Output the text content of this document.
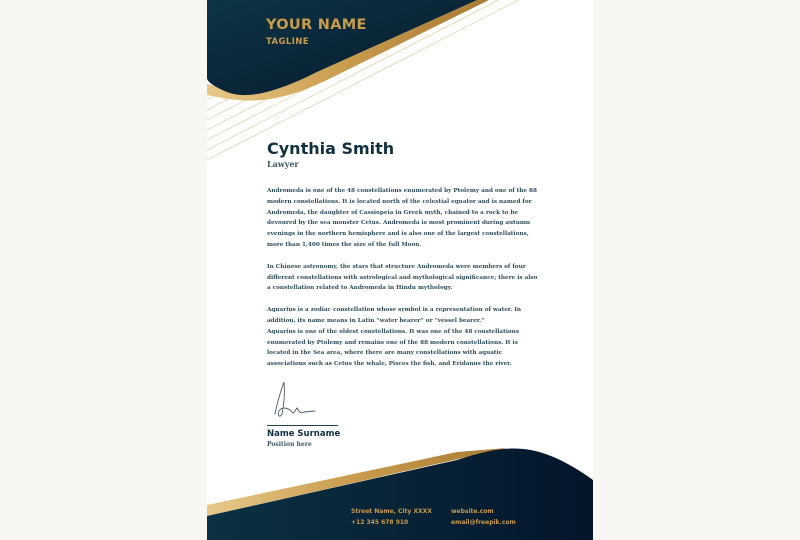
YOUR NAME
TAGLINE
Cynthia Smith
Lawyer

Andromeda is one of the 48 constellations enumerated by Ptolemy and one of the 88 modern constellations. It is located north of the celestial equator and is named for Andromeda, the daughter of Cassiopeia in Greek myth, chained to a rock to be devoured by the sea monster Cetus. Andromeda is most prominent during autumn evenings in the northern hemisphere and is also one of the largest constellations, more than 1,400 times the size of the full Moon.

In Chinese astronomy, the stars that structure Andromeda were members of four different constellations with astrological and mythological significance; there is also a constellation related to Andromeda in Hindu mythology.

Aquarius is a zodiac constellation whose symbol is a representation of water. In addition, its name means in Latin “water bearer” or “vessel bearer.”

Aquarius is one of the oldest constellations. It was one of the 48 constellations enumerated by Ptolemy and remains one of the 88 modern constellations. It is located in the Sea area, where there are many constellations with aquatic associations such as Cetus the whale, Pisces the fish, and Eridanus the river.

Name Surname
Position here
Street Name, City XXXX
+12 345 678 910
website.com
email@freepik.com
